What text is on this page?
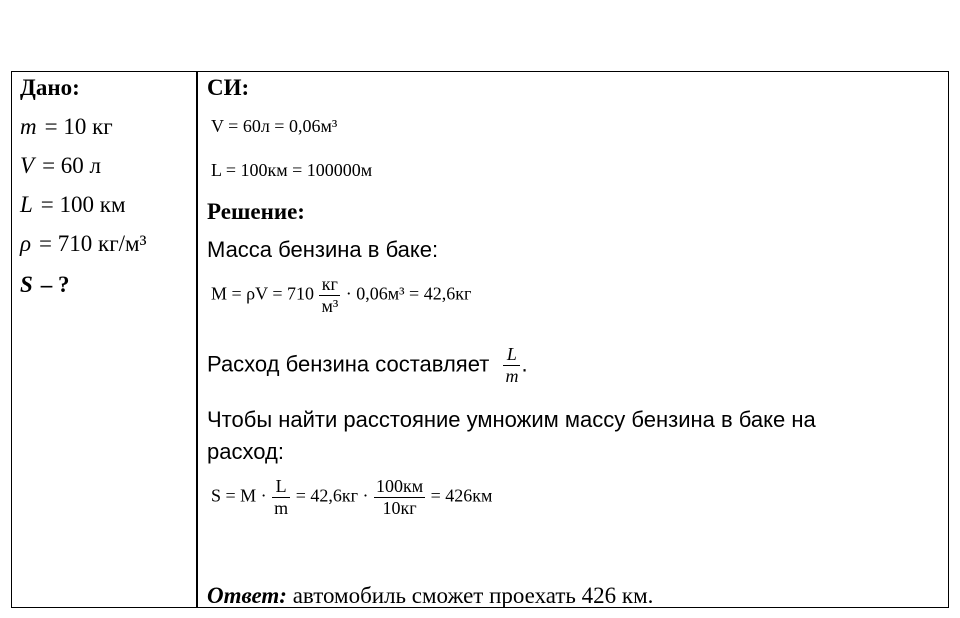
Дано:
m = 10 кг
V = 60 л
L = 100 км
ρ = 710 кг/м³
S – ?
СИ:
V = 60л = 0,06м³
L = 100км = 100000м
Решение:
Масса бензина в баке:
$M = \rho V = 710 \frac{кг}{\text{м³}} \cdot 0,06м^3 = 42,6кг$
Расход бензина составляет $\frac{L}{m}$ .
Чтобы найти расстояние умножим массу бензина в баке на
расход:
$S = M \cdot \frac{L}{m} = 42,6кг \cdot \frac{100км}{10кг} = 426км$
Ответ: автомобиль сможет проехать 426 км.
